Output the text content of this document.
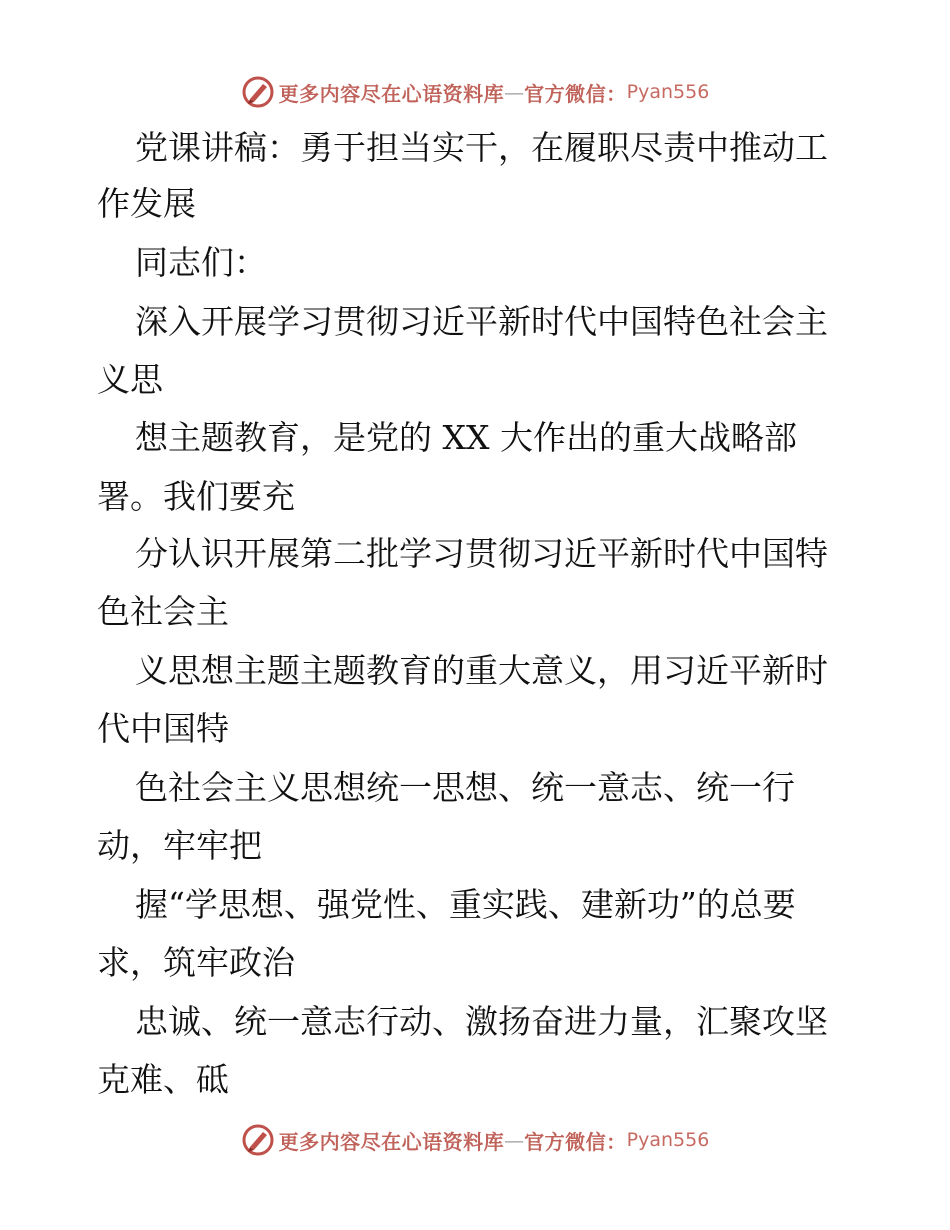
更多内容尽在心语资料库 — 官方微信： Pyan556
党课讲稿：勇于担当实干，在履职尽责中推动工
作发展
同志们：
深入开展学习贯彻习近平新时代中国特色社会主
义思
想主题教育，是党的 XX 大作出的重大战略部
署。我们要充
分认识开展第二批学习贯彻习近平新时代中国特
色社会主
义思想主题主题教育的重大意义，用习近平新时
代中国特
色社会主义思想统一思想、统一意志、统一行
动，牢牢把
握“学思想、强党性、重实践、建新功”的总要
求，筑牢政治
忠诚、统一意志行动、激扬奋进力量，汇聚攻坚
克难、砥
更多内容尽在心语资料库 — 官方微信： Pyan556
